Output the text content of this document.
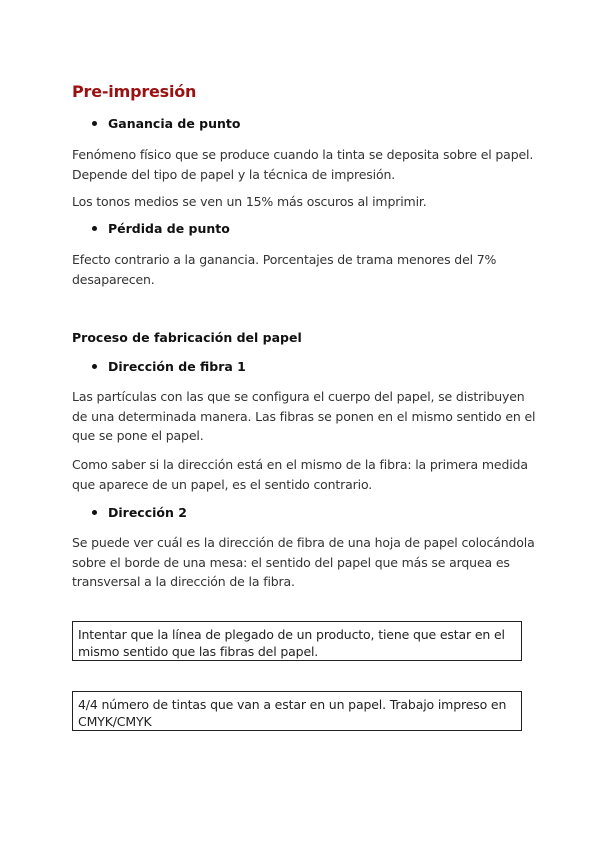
Pre-impresión
Ganancia de punto
Fenómeno físico que se produce cuando la tinta se deposita sobre el papel. Depende del tipo de papel y la técnica de impresión.
Los tonos medios se ven un 15% más oscuros al imprimir.
Pérdida de punto
Efecto contrario a la ganancia. Porcentajes de trama menores del 7% desaparecen.
Proceso de fabricación del papel
Dirección de fibra 1
Las partículas con las que se configura el cuerpo del papel, se distribuyen de una determinada manera. Las fibras se ponen en el mismo sentido en el que se pone el papel.
Como saber si la dirección está en el mismo de la fibra: la primera medida que aparece de un papel, es el sentido contrario.
Dirección 2
Se puede ver cuál es la dirección de fibra de una hoja de papel colocándola sobre el borde de una mesa: el sentido del papel que más se arquea es transversal a la dirección de la fibra.
Intentar que la línea de plegado de un producto, tiene que estar en el mismo sentido que las fibras del papel.
4/4 número de tintas que van a estar en un papel. Trabajo impreso en CMYK/CMYK
